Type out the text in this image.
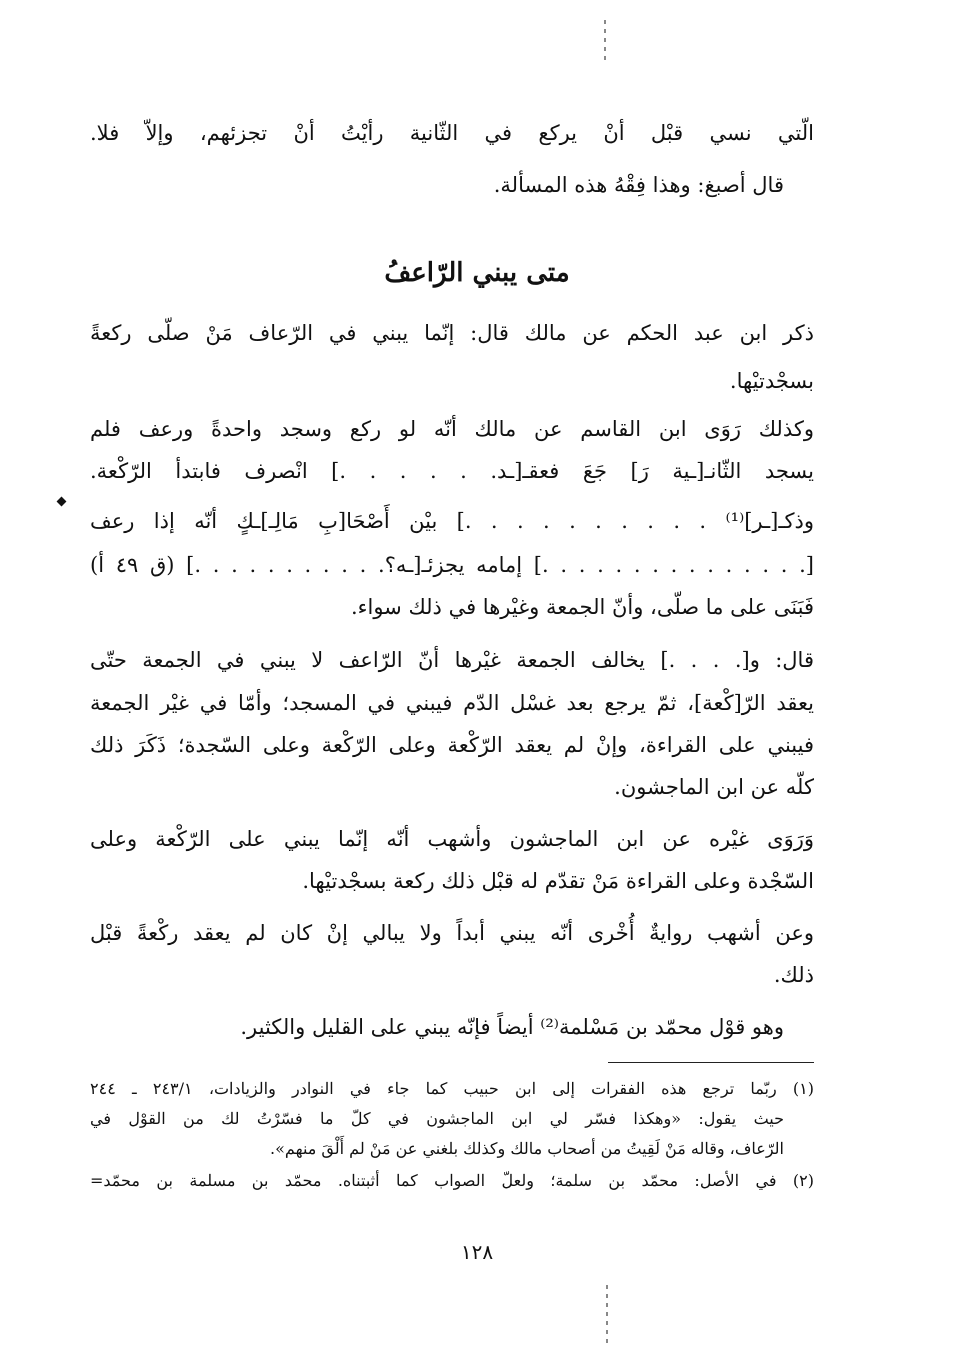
الّتي نسي قبْل أنْ يركع في الثّانية رأيْتُ أنْ تجزئهم، وإلاّ فلا.
قال أصبغ: وهذا فِقْهُ هذه المسألة.
متى يبني الرّاعفُ
ذكر ابن عبد الحكم عن مالك قال: إنّما يبني في الرّعاف مَنْ صلّى ركعةً
بسجْدتيْها.
وكذلك رَوَى ابن القاسم عن مالك أنّه لو ركع وسجد واحدةً ورعف فلم
يسجد الثّانـ[ـية رَ] جَعَ فعقـ[ـد. . . . . .] انْصرف فابتدأ الرّكْعة.
وذكـ[ـر]⁽¹⁾ . . . . . . . . . .] بيْن أَصْحَا[بِ مَالِـ]ـكٍ أنّه إذا رعف
[. . . . . . . . . . . . . . .] إمامه يجزئـ[ـه؟. . . . . . . . . . .] (ق ٤٩ أ)
فَبَنَى على ما صلّى، وأنّ الجمعة وغيْرها في ذلك سواء.
قال: و[. . . .] يخالف الجمعة غيْرها أنّ الرّاعف لا يبني في الجمعة حتّى
يعقد الرّ[كْعة]، ثمّ يرجع بعد غسْل الدّم فيبني في المسجد؛ وأمّا في غيْر الجمعة
فيبني على القراءة، وإنْ لم يعقد الرّكْعة وعلى الرّكْعة وعلى السّجدة؛ ذَكَرَ ذلك
كلّه عن ابن الماجشون.
وَرَوَى غيْره عن ابن الماجشون وأشهب أنّه إنّما يبني على الرّكْعة وعلى
السّجْدة وعلى القراءة مَنْ تقدّم له قبْل ذلك ركعة بسجْدتيْها.
وعن أشهب روايةٌ أُخْرى أنّه يبني أبداً ولا يبالي إنْ كان لم يعقد ركْعةً قبْل
ذلك.
وهو قوْل محمّد بن مَسْلمة⁽²⁾ أيضاً فإنّه يبني على القليل والكثير.
(١) ربّما ترجع هذه الفقرات إلى ابن حبيب كما جاء في النوادر والزيادات، ٢٤٣/١ ـ ٢٤٤
حيث يقول: «وهكذا فسّر لي ابن الماجشون في كلّ ما فسّرْتُ لك من القوْل في
الرّعاف، وقاله مَنْ لَقِيتُ من أصحاب مالك وكذلك بلغني عن مَنْ لم أَلْقَ منهم».
(٢) في الأصل: محمّد بن سلمة؛ ولعلّ الصواب كما أثبتناه. محمّد بن مسلمة بن محمّد=
١٢٨
